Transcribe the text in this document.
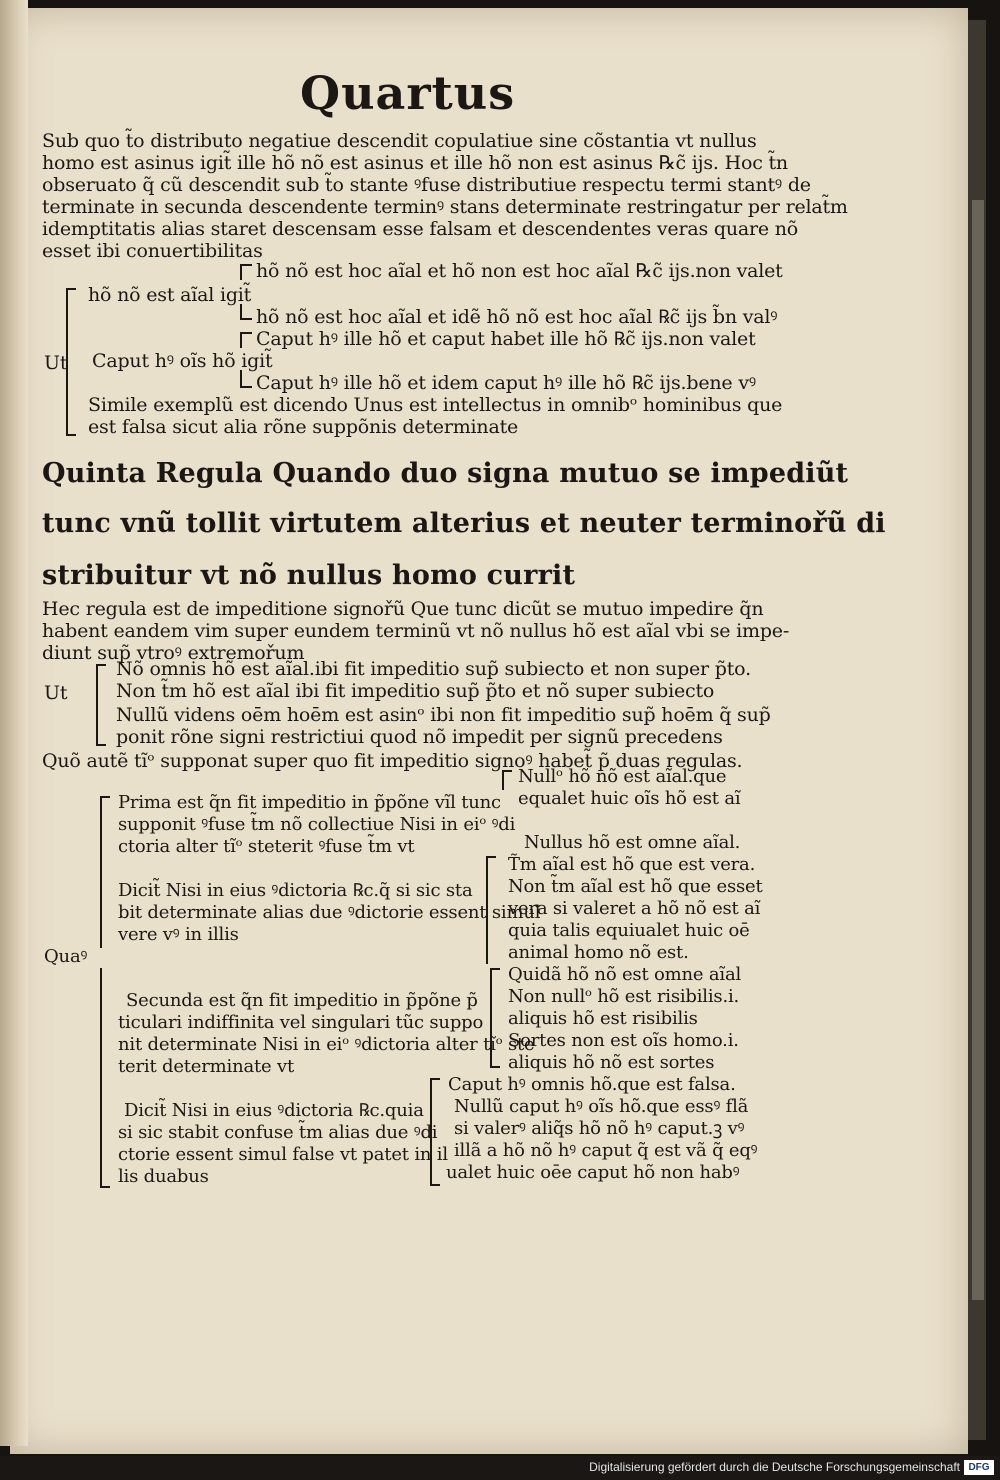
Quartus
Sub quo t̃o distributo negatiue descendit copulatiue sine cõstantia vt nullus
homo est asinus igit̃ ille hõ nõ est asinus et ille hõ non est asinus ℞c̃ ijs. Hoc t̃n
obseruato q̃ cũ descendit sub t̃o stante ꝰfuse distributiue respectu termi stantꝰ de
terminate in secunda descendente terminꝰ stans determinate restringatur per relat̃m
idemptitatis alias staret descensam esse falsam et descendentes veras quare nõ
esset ibi conuertibilitas
hõ nõ est hoc aĩal et hõ non est hoc aĩal ℞c̃ ijs.non valet
hõ nõ est aĩal igit̃
hõ nõ est hoc aĩal et idẽ hõ nõ est hoc aĩal ℞c̃ ijs b̃n valꝰ
Caput hꝰ ille hõ et caput habet ille hõ ℞c̃ ijs.non valet
Ut Caput hꝰ oĩs hõ igit̃
Caput hꝰ ille hõ et idem caput hꝰ ille hõ ℞c̃ ijs.bene vꝰ
Simile exemplũ est dicendo Unus est intellectus in omnibᵒ hominibus que
est falsa sicut alia rõne suppõnis determinate
Quinta Regula Quando duo signa mutuo se impediũt
tunc vnũ tollit virtutem alterius et neuter terminořũ di
stribuitur vt nõ nullus homo currit
Hec regula est de impeditione signořũ Que tunc dicũt se mutuo impedire q̃n
habent eandem vim super eundem terminũ vt nõ nullus hõ est aĩal vbi se impe‐
diunt sup̃ vtroꝰ extremořum
Nõ omnis hõ est aĩal.ibi fit impeditio sup̃ subiecto et non super p̃to.
Ut	Non t̃m hõ est aĩal ibi fit impeditio sup̃ p̃to et nõ super subiecto
Nullũ videns oēm hoēm est asinᵒ ibi non fit impeditio sup̃ hoēm q̃ sup̃
ponit rõne signi restrictiui quod nõ impedit per signũ precedens
Quõ autẽ tĩᵒ supponat super quo fit impeditio signoꝰ habet̃ p̃ duas regulas.
Prima est q̃n fit impeditio in p̃põne vĩl tunc
supponit ꝰfuse t̃m nõ collectiue Nisi in eiᵒ ꝰdi
ctoria alter tĩᵒ steterit ꝰfuse t̃m vt
Dicit̃ Nisi in eius ꝰdictoria ℞c.q̃ si sic sta
bit determinate alias due ꝰdictorie essent simul
vere vꝰ in illis
Quaꝰ
Secunda est q̃n fit impeditio in p̃põne p̃
ticulari indiffinita vel singulari tũc suppo
nit determinate Nisi in eiᵒ ꝰdictoria alter tĩᵒ ste
terit determinate vt
Dicit̃ Nisi in eius ꝰdictoria ℞c.quia
si sic stabit confuse t̃m alias due ꝰdi
ctorie essent simul false vt patet in il
lis duabus
Nullᵒ hõ nõ est aĩal.que
equalet huic oĩs hõ est aĩ
Nullus hõ est omne aĩal.
T̃m aĩal est hõ que est vera.
Non t̃m aĩal est hõ que esset
vera si valeret a hõ nõ est aĩ
quia talis equiualet huic oē
animal homo nõ est.
Quidã hõ nõ est omne aĩal
Non nullᵒ hõ est risibilis.i.
aliquis hõ est risibilis
Sortes non est oĩs homo.i.
aliquis hõ nõ est sortes
Caput hꝰ omnis hõ.que est falsa.
Nullũ caput hꝰ oĩs hõ.que essꝰ flã
si valerꝰ aliq̃s hõ nõ hꝰ caput.ꝫ vꝰ
illã a hõ nõ hꝰ caput q̃ est vã q̃ eqꝰ
ualet huic oēe caput hõ non habꝰ
Digitalisierung gefördert durch die Deutsche Forschungsgemeinschaft DFG
